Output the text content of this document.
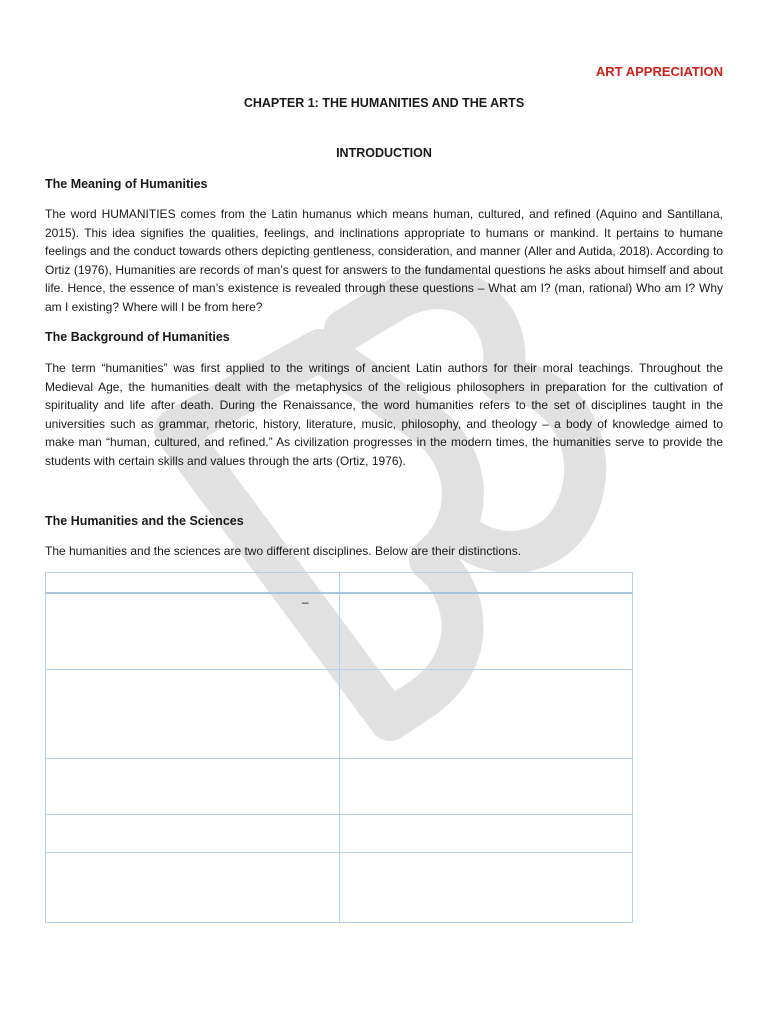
ART APPRECIATION
CHAPTER 1: THE HUMANITIES AND THE ARTS
INTRODUCTION
The Meaning of Humanities

The word HUMANITIES comes from the Latin humanus which means human, cultured, and refined (Aquino and Santillana, 2015). This idea signifies the qualities, feelings, and inclinations appropriate to humans or mankind. It pertains to humane feelings and the conduct towards others depicting gentleness, consideration, and manner (Aller and Autida, 2018). According to Ortiz (1976), Humanities are records of man’s quest for answers to the fundamental questions he asks about himself and about life. Hence, the essence of man’s existence is revealed through these questions – What am I? (man, rational) Who am I? Why am I existing? Where will I be from here?

The Background of Humanities

The term “humanities” was first applied to the writings of ancient Latin authors for their moral teachings. Throughout the Medieval Age, the humanities dealt with the metaphysics of the religious philosophers in preparation for the cultivation of spirituality and life after death. During the Renaissance, the word humanities refers to the set of disciplines taught in the universities such as grammar, rhetoric, history, literature, music, philosophy, and theology – a body of knowledge aimed to make man “human, cultured, and refined.” As civilization progresses in the modern times, the humanities serve to provide the students with certain skills and values through the arts (Ortiz, 1976).

The Humanities and the Sciences

The humanities and the sciences are two different disciplines. Below are their distinctions.

–	
